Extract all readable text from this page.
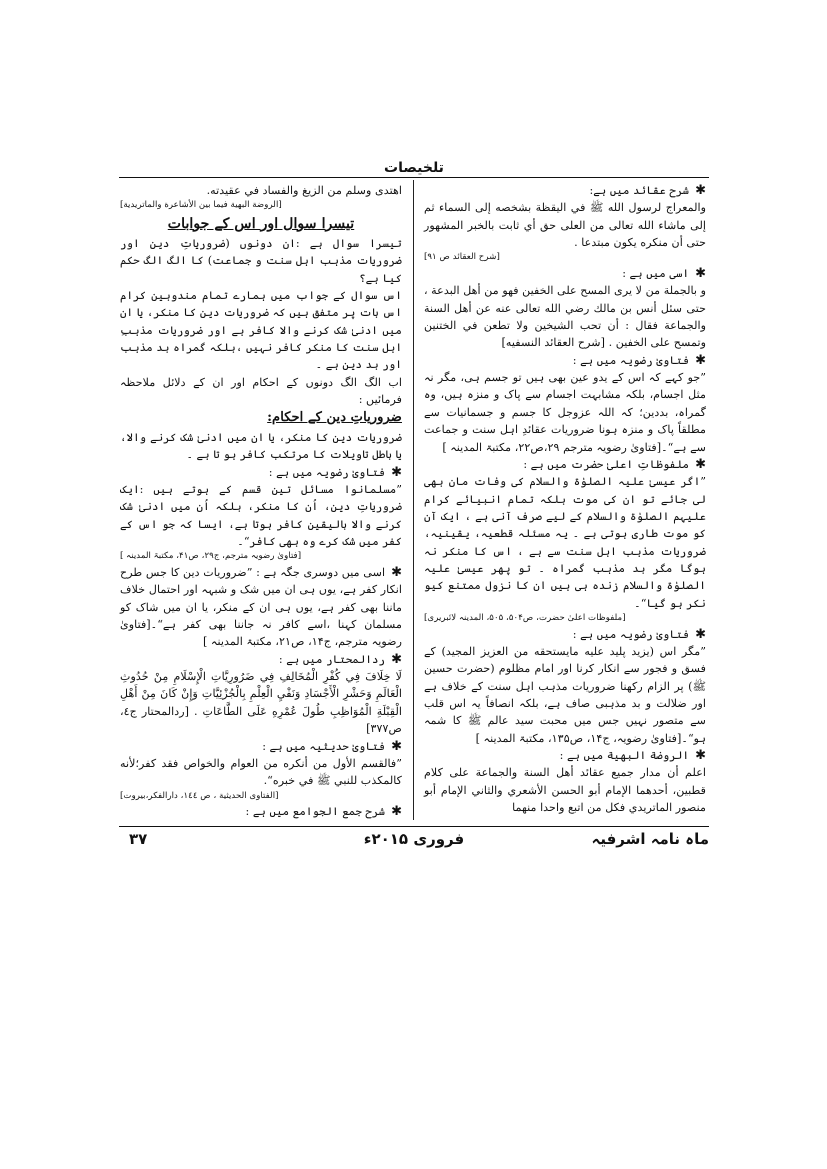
تلخیصات

✱شرح عقائد میں ہے:

والمعراج لرسول الله ﷺ في اليقظة بشخصه إلى السماء ثم إلى ماشاء الله تعالى من العلى حق أي ثابت بالخبر المشهور حتى أن منكره يكون مبتدعا .

[شرح العقائد ص ٩١]

✱اسی میں ہے :

و بالجملة من لا يرى المسح على الخفين فهو من أهل البدعة ، حتى سئل أنس بن مالك رضي الله تعالى عنه عن أهل السنة والجماعة فقال : أن تحب الشيخين ولا تطعن في الختنين وتمسح على الخفين . [شرح العقائد النسفيه]

✱فتاویٰ رضویہ میں ہے :

”جو کہے کہ اس کے یدو عین بھی ہیں تو جسم ہی، مگر نہ مثل اجسام، بلکہ مشابہت اجسام سے پاک و منزہ ہیں، وہ گمراہ، بددین؛ کہ اللہ عزوجل کا جسم و جسمانیات سے مطلقاً پاک و منزہ ہونا ضروریات عقائدِ اہل سنت و جماعت سے ہے“۔[فتاویٰ رضویہ مترجم ۲۹،ص۲۲، مکتبۃ المدینہ ]

✱ملفوظاتِ اعلیٰ حضرت میں ہے :

”اگر عیسیٰ علیہ الصلوٰۃ والسلام کی وفات مان بھی لی جائے تو ان کی موت بلکہ تمام انبیائے کرام علیہم الصلوٰۃ والسلام کے لیے صرف آنی ہے ، ایک آن کو موت طاری ہوتی ہے ۔ یہ مسئلہ قطعیہ، یقینیہ، ضروریات مذہب اہل سنت سے ہے ، اس کا منکر نہ ہوگا مگر بد مذہب گمراہ ۔ تو پھر عیسیٰ علیہ الصلوٰۃ والسلام زندہ ہی ہیں ان کا نزول ممتنع کیو نکر ہو گیا“۔

[ملفوظات اعلیٰ حضرت، ص۵۰۴، ۵۰۵، المدینہ لائبریری]

✱فتاویٰ رضویہ میں ہے :

”مگر اس (يزيد پليد عليه مايستحقه من العزيز المجيد) کے فسق و فجور سے انکار کرنا اور امام مظلوم (حضرت حسین ﷺ) پر الزام رکھنا ضروریات مذہب اہل سنت کے خلاف ہے اور ضلالت و بد مذہبی صاف ہے، بلکہ انصافاً یہ اس قلب سے متصور نہیں جس میں محبت سید عالم ﷺ کا شمہ ہو“۔[فتاویٰ رضویہ، ج۱۴، ص۱۳۵، مکتبۃ المدینہ ]

✱الروضة البهية میں ہے :

اعلم أن مدار جميع عقائد أهل السنة والجماعة على كلام قطبين، أحدهما الإمام أبو الحسن الأشعري والثاني الإمام أبو منصور الماتريدي فكل من اتبع واحدا منهما

اهتدى وسلم من الزيغ والفساد في عقيدته.

[الروضة البهية فيما بين الأشاعرة والماتريدية]

تیسرا سوال اور اس کے جوابات

تیسرا سوال ہے :ان دونوں (ضروریاتِ دین اور ضروریات مذہب اہل سنت و جماعت) کا الگ الگ حکم کیا ہے؟

اس سوال کے جواب میں ہمارے تمام مندوبین کرام اس بات پر متفق ہیں کہ ضروریات دین کا منکر، یا ان میں ادنیٰ شک کرنے والا کافر ہے اور ضروریات مذہبِ اہل سنت کا منکر کافر نہیں ،بلکہ گمراہ بد مذہب اور بد دین ہے ۔

اب الگ الگ دونوں کے احکام اور ان کے دلائل ملاحظہ فرمائیں :

ضروریاتِ دین کے احکام:

ضروریات دین کا منکر، یا ان میں ادنیٰ شک کرنے والا، یا باطل تاویلات کا مرتکب کافر ہو تا ہے ۔

✱فتاویٰ رضویہ میں ہے :

”مسلمانوا مسائل تین قسم کے ہوتے ہیں :ایک ضروریاتِ دین، اُن کا منکر، بلکہ اُن میں ادنیٰ شک کرنے والا بالیقین کافر ہوتا ہے، ایسا کہ جو اس کے کفر میں شک کرے وہ بھی کافر“۔

[فتاویٰ رضویہ مترجم، ج۲۹، ص۴۱، مکتبۃ المدینہ ]

✱اسی میں دوسری جگہ ہے : ”ضروریات دین کا جس طرح انکار کفر ہے، یوں ہی ان میں شک و شبہہ اور احتمال خلاف ماننا بھی کفر ہے، یوں ہی ان کے منکر، یا ان میں شاک کو مسلمان کہنا ،اسے کافر نہ جاننا بھی کفر ہے“۔[فتاویٰ رضویہ مترجم، ج۱۴، ص۲۱، مکتبۃ المدینہ ]

✱ردالمحتار میں ہے :

لَا خِلَافَ فِي كُفْرِ الْمُخَالِفِ فِي ضَرُورِيَّاتِ الْإِسْلَامِ مِنْ حُدُوثِ الْعَالَمِ وَحَشْرِ الْأَجْسَادِ وَنَفْيِ الْعِلْمِ بِالْجُزْئِيَّاتِ وَإِنْ كَانَ مِنْ أَهْلِ الْقِبْلَةِ الْمُوَاظِبِ طُولَ عُمْرِهِ عَلَى الطَّاعَاتِ . [ردالمحتار ج٤، ص٣٧٧]

✱فتاویٰ حدیثیہ میں ہے :

”فالقسم الأول من أنكره من العوام والخواص فقد كفر؛لأنه كالمكذب للنبي ﷺ في خبره“.

[الفتاوى الحديثية ، ص ١٤٤، دارالفكر،بيروت]

✱شرح جمع الجوامع میں ہے :

۳۷	فروری ۲۰۱۵ء	ماہ نامہ اشرفیہ
